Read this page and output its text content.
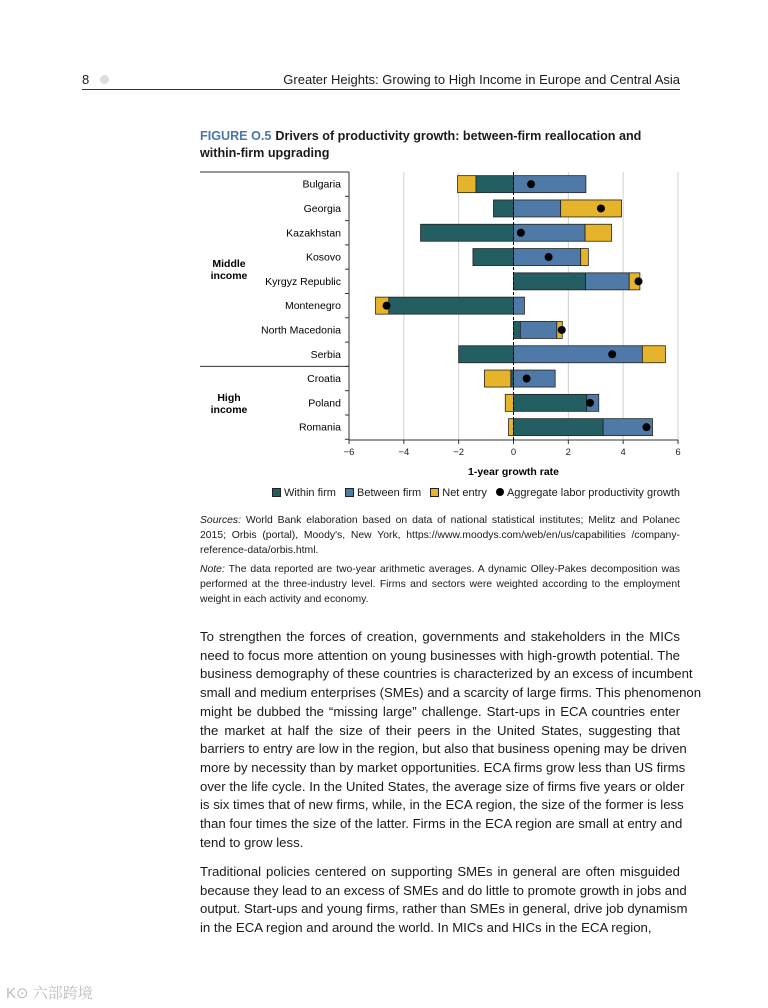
8	Greater Heights: Growing to High Income in Europe and Central Asia
FIGURE O.5 Drivers of productivity growth: between-firm reallocation and within-firm upgrading
−6	−4	−2	0	2	4	6
1-year growth rate
Middle
income
High
income
Bulgaria
Georgia
Kazakhstan
Kosovo
Kyrgyz Republic
Montenegro
North Macedonia
Serbia
Croatia
Poland
Romania
Within firm Between firm Net entry Aggregate labor productivity growth
Sources: World Bank elaboration based on data of national statistical institutes; Melitz and Polanec 2015; Orbis (portal), Moody's, New York, https://www.moodys.com/web/en/us/capabilities /company-reference-data/orbis.html.
Note: The data reported are two-year arithmetic averages. A dynamic Olley-Pakes decomposition was performed at the three-industry level. Firms and sectors were weighted according to the employment weight in each activity and economy.
To strengthen the forces of creation, governments and stakeholders in the MICs
need to focus more attention on young businesses with high-growth potential. The
business demography of these countries is characterized by an excess of incumbent
small and medium enterprises (SMEs) and a scarcity of large firms. This phenomenon
might be dubbed the “missing large” challenge. Start-ups in ECA countries enter
the market at half the size of their peers in the United States, suggesting that
barriers to entry are low in the region, but also that business opening may be driven
more by necessity than by market opportunities. ECA firms grow less than US firms
over the life cycle. In the United States, the average size of firms five years or older
is six times that of new firms, while, in the ECA region, the size of the former is less
than four times the size of the latter. Firms in the ECA region are small at entry and
tend to grow less.
Traditional policies centered on supporting SMEs in general are often misguided
because they lead to an excess of SMEs and do little to promote growth in jobs and
output. Start-ups and young firms, rather than SMEs in general, drive job dynamism
in the ECA region and around the world. In MICs and HICs in the ECA region,
K⊙ 六部跨境
